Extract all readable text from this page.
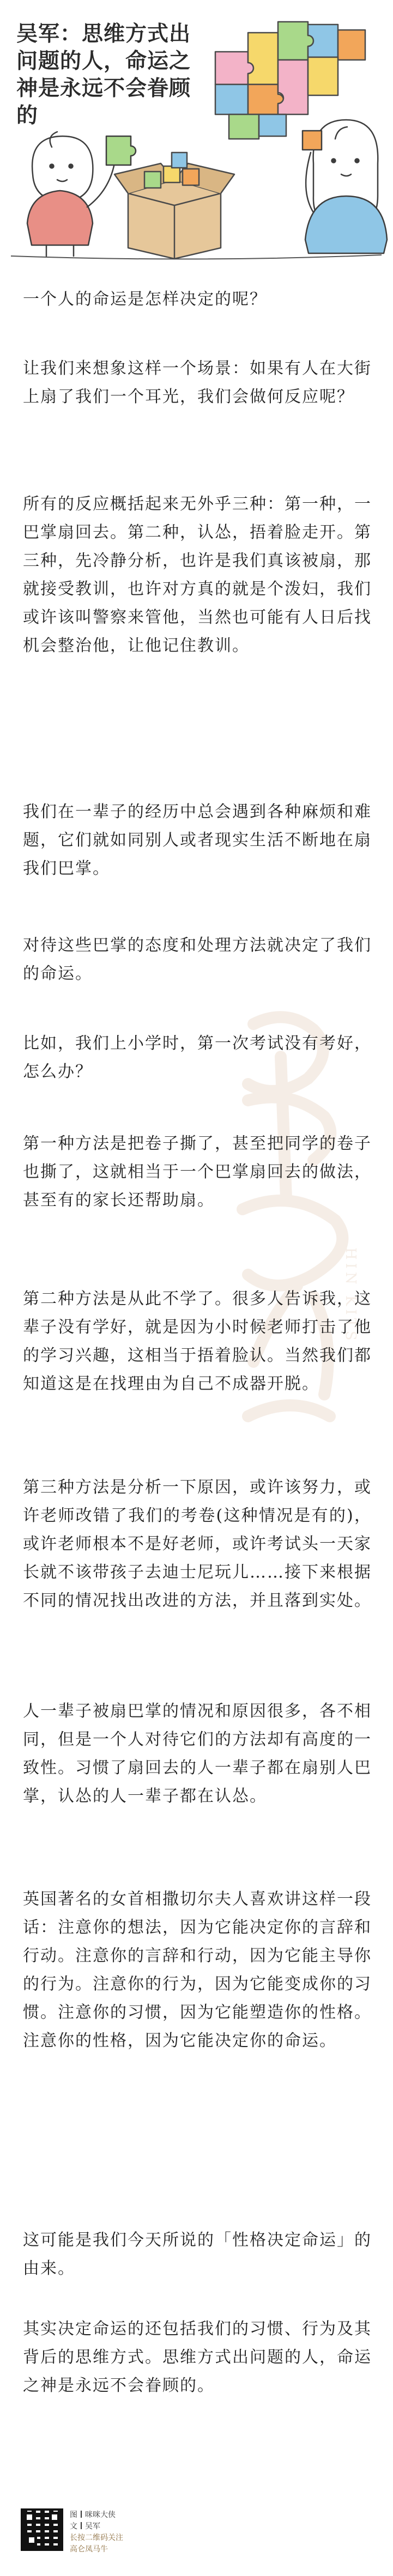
吴军：思维方式出问题的人，命运之神是永远不会眷顾的
HIN KITS

一个人的命运是怎样决定的呢？

让我们来想象这样一个场景：如果有人在大街上扇了我们一个耳光，我们会做何反应呢？

所有的反应概括起来无外乎三种：第一种，一巴掌扇回去。第二种，认怂，捂着脸走开。第三种，先冷静分析，也许是我们真该被扇，那就接受教训，也许对方真的就是个泼妇，我们或许该叫警察来管他，当然也可能有人日后找机会整治他，让他记住教训。

我们在一辈子的经历中总会遇到各种麻烦和难题，它们就如同别人或者现实生活不断地在扇我们巴掌。

对待这些巴掌的态度和处理方法就决定了我们的命运。

比如，我们上小学时，第一次考试没有考好，怎么办？

第一种方法是把卷子撕了，甚至把同学的卷子也撕了，这就相当于一个巴掌扇回去的做法，甚至有的家长还帮助扇。

第二种方法是从此不学了。很多人告诉我，这辈子没有学好，就是因为小时候老师打击了他的学习兴趣，这相当于捂着脸认。当然我们都知道这是在找理由为自己不成器开脱。

第三种方法是分析一下原因，或许该努力，或许老师改错了我们的考卷(这种情况是有的)，或许老师根本不是好老师，或许考试头一天家长就不该带孩子去迪士尼玩儿……接下来根据不同的情况找出改进的方法，并且落到实处。

人一辈子被扇巴掌的情况和原因很多，各不相同，但是一个人对待它们的方法却有高度的一致性。习惯了扇回去的人一辈子都在扇别人巴掌，认怂的人一辈子都在认怂。

英国著名的女首相撒切尔夫人喜欢讲这样一段话：注意你的想法，因为它能决定你的言辞和行动。注意你的言辞和行动，因为它能主导你的行为。注意你的行为，因为它能变成你的习惯。注意你的习惯，因为它能塑造你的性格。注意你的性格，因为它能决定你的命运。

这可能是我们今天所说的「性格决定命运」的由来。

其实决定命运的还包括我们的习惯、行为及其背后的思维方式。思维方式出问题的人，命运之神是永远不会眷顾的。

图 咪咪大侠
文 吴军
长按二维码关注
高仑凤马牛
